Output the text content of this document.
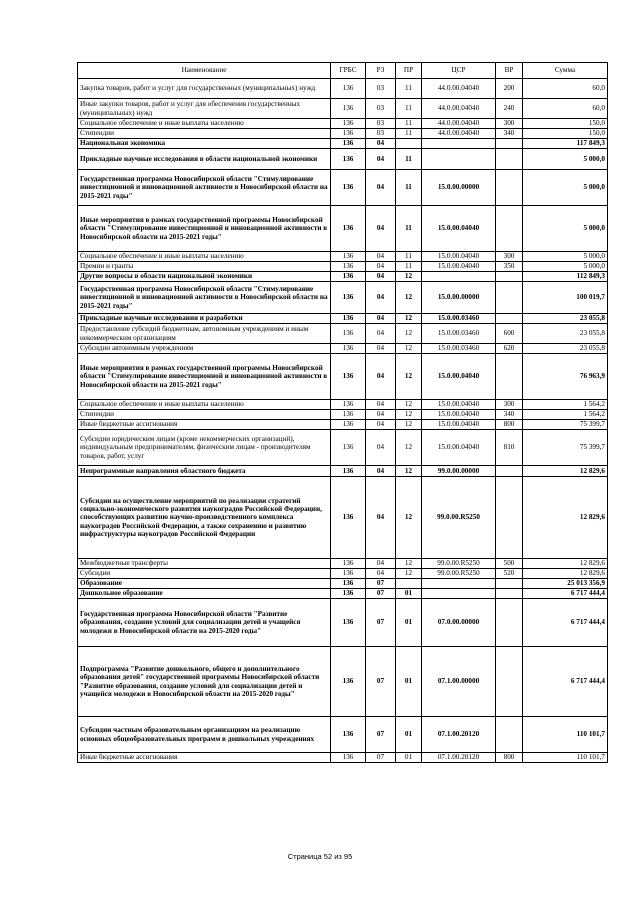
Наименование	ГРБС	РЗ	ПР	ЦСР	ВР	Сумма
Закупка товаров, работ и услуг для государственных (муниципальных) нужд	136	03	11	44.0.00.04040	200	60,0
Иные закупки товаров, работ и услуг для обеспечения государственных (муниципальных) нужд	136	03	11	44.0.00.04040	240	60,0
Социальное обеспечение и иные выплаты населению	136	03	11	44.0.00.04040	300	150,0
Стипендии	136	03	11	44.0.00.04040	340	150,0
Национальная экономика	136	04				117 849,3
Прикладные научные исследования в области национальной экономики	136	04	11			5 000,0
Государственная программа Новосибирской области "Стимулирование инвестиционной и инновационной активности в Новосибирской области на 2015-2021 годы"	136	04	11	15.0.00.00000		5 000,0
Иные мероприятия в рамках государственной программы Новосибирской области "Стимулирование инвестиционной и инновационной активности в Новосибирской области на 2015-2021 годы"	136	04	11	15.0.00.04040		5 000,0
Социальное обеспечение и иные выплаты населению	136	04	11	15.0.00.04040	300	5 000,0
Премии и гранты	136	04	11	15.0.00.04040	350	5 000,0
Другие вопросы в области национальной экономики	136	04	12			112 849,3
Государственная программа Новосибирской области "Стимулирование инвестиционной и инновационной активности в Новосибирской области на 2015-2021 годы"	136	04	12	15.0.00.00000		100 019,7
Прикладные научные исследования и разработки	136	04	12	15.0.00.03460		23 055,8
Предоставление субсидий бюджетным, автономным учреждениям и иным некоммерческим организациям	136	04	12	15.0.00.03460	600	23 055,8
Субсидии автономным учреждениям	136	04	12	15.0.00.03460	620	23 055,8
Иные мероприятия в рамках государственной программы Новосибирской области "Стимулирование инвестиционной и инновационной активности в Новосибирской области на 2015-2021 годы"	136	04	12	15.0.00.04040		76 963,9
Социальное обеспечение и иные выплаты населению	136	04	12	15.0.00.04040	300	1 564,2
Стипендии	136	04	12	15.0.00.04040	340	1 564,2
Иные бюджетные ассигнования	136	04	12	15.0.00.04040	800	75 399,7
Субсидии юридическим лицам (кроме некоммерческих организаций), индивидуальным предпринимателям, физическим лицам - производителям товаров, работ, услуг	136	04	12	15.0.00.04040	810	75 399,7
Непрограммные направления областного бюджета	136	04	12	99.0.00.00000		12 829,6
Субсидии на осуществление мероприятий по реализации стратегий социально-экономического развития наукоградов Российской Федерации, способствующих развитию научно-производственного комплекса наукоградов Российской Федерации, а также сохранению и развитию инфраструктуры наукоградов Российской Федерации	136	04	12	99.0.00.R5250		12 829,6
Межбюджетные трансферты	136	04	12	99.0.00.R5250	500	12 829,6
Субсидии	136	04	12	99.0.00.R5250	520	12 829,6
Образование	136	07				25 013 356,9
Дошкольное образование	136	07	01			6 717 444,4
Государственная программа Новосибирской области "Развитие образования, создание условий для социализации детей и учащейся молодежи в Новосибирской области на 2015-2020 годы"	136	07	01	07.0.00.00000		6 717 444,4
Подпрограмма "Развитие дошкольного, общего и дополнительного образования детей" государственной программы Новосибирской области "Развитие образования, создание условий для социализации детей и учащейся молодежи в Новосибирской области на 2015-2020 годы"	136	07	01	07.1.00.00000		6 717 444,4
Субсидии частным образовательным организациям на реализацию основных общеобразовательных программ в дошкольных учреждениях	136	07	01	07.1.00.20120		110 101,7
Иные бюджетные ассигнования	136	07	01	07.1.00.20120	800	110 101,7
Страница 52 из 95
